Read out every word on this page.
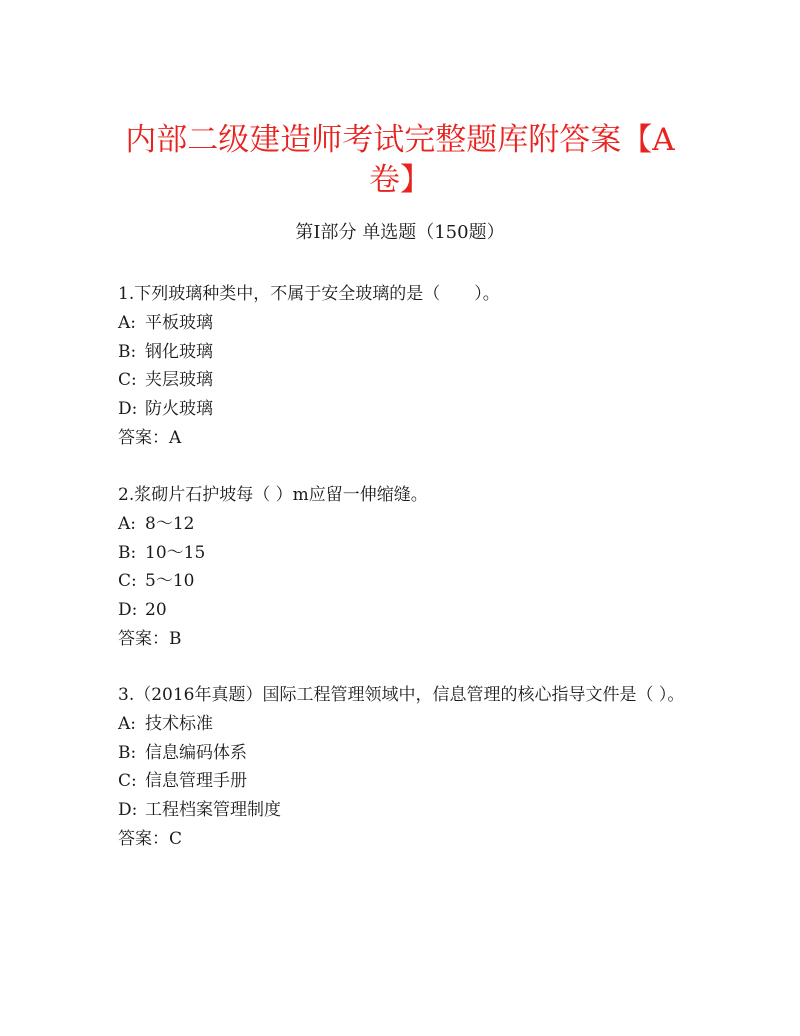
内部二级建造师考试完整题库附答案【A卷】
第I部分 单选题（150题）

1.下列玻璃种类中，不属于安全玻璃的是（　　）。

A: 平板玻璃

B: 钢化玻璃

C: 夹层玻璃

D: 防火玻璃

答案：A

2.浆砌片石护坡每（ ）m应留一伸缩缝。

A: 8～12

B: 10～15

C: 5～10

D: 20

答案：B

3.（2016年真题）国际工程管理领域中，信息管理的核心指导文件是（ ）。

A: 技术标准

B: 信息编码体系

C: 信息管理手册

D: 工程档案管理制度

答案：C
